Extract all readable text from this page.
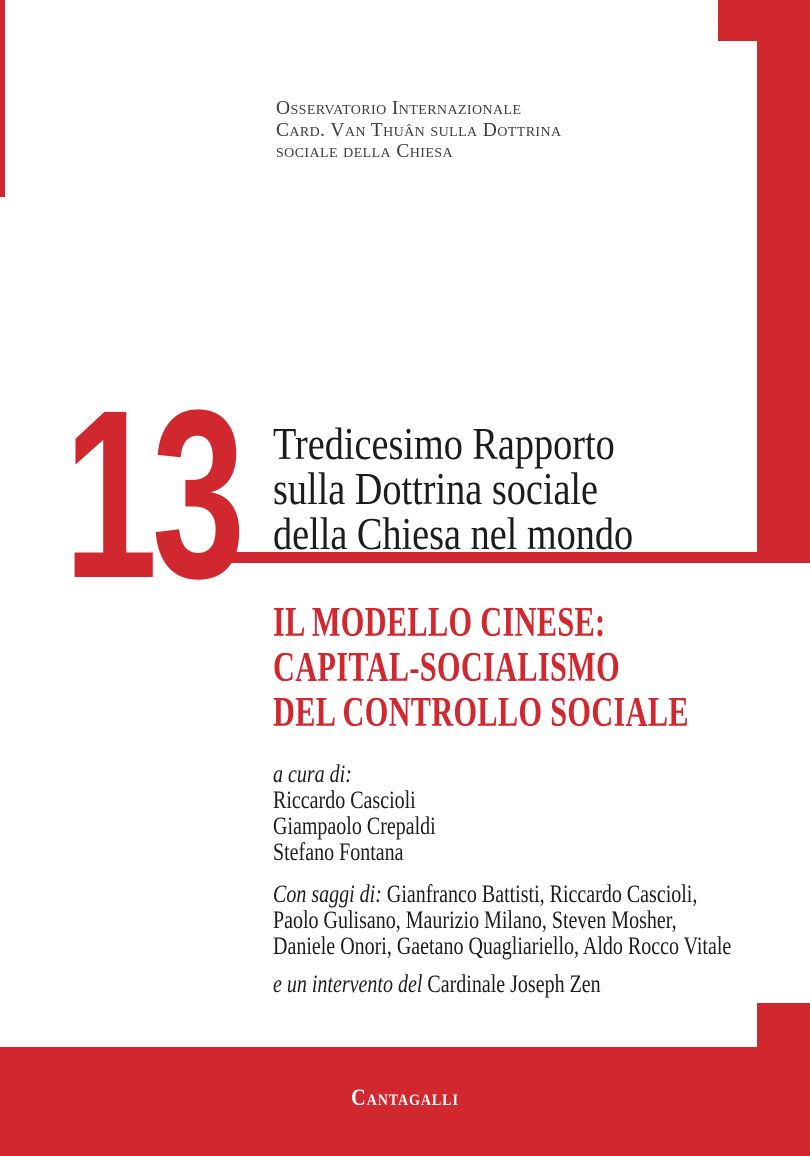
Osservatorio Internazionale
Card. Van Thuân sulla Dottrina
sociale della Chiesa
13 Tredicesimo Rapporto
sulla Dottrina sociale
della Chiesa nel mondo
IL MODELLO CINESE:
CAPITAL-SOCIALISMO
DEL CONTROLLO SOCIALE
a cura di:
Riccardo Cascioli
Giampaolo Crepaldi
Stefano Fontana
Con saggi di: Gianfranco Battisti, Riccardo Cascioli,
Paolo Gulisano, Maurizio Milano, Steven Mosher,
Daniele Onori, Gaetano Quagliariello, Aldo Rocco Vitale
e un intervento del Cardinale Joseph Zen
Cantagalli
